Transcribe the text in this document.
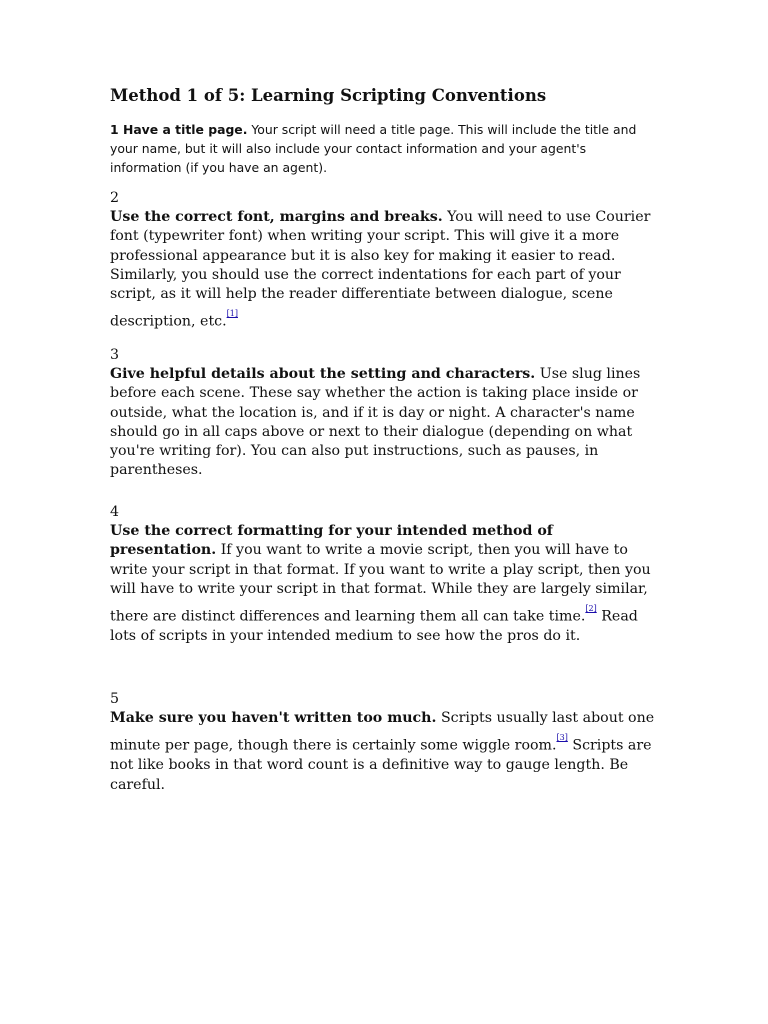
Method 1 of 5: Learning Scripting Conventions

1 Have a title page. Your script will need a title page. This will include the title and your name, but it will also include your contact information and your agent's information (if you have an agent).

2

Use the correct font, margins and breaks. You will need to use Courier font (typewriter font) when writing your script. This will give it a more professional appearance but it is also key for making it easier to read. Similarly, you should use the correct indentations for each part of your script, as it will help the reader differentiate between dialogue, scene description, etc.[1]

3

Give helpful details about the setting and characters. Use slug lines before each scene. These say whether the action is taking place inside or outside, what the location is, and if it is day or night. A character's name should go in all caps above or next to their dialogue (depending on what you're writing for). You can also put instructions, such as pauses, in parentheses.

4

Use the correct formatting for your intended method of presentation. If you want to write a movie script, then you will have to write your script in that format. If you want to write a play script, then you will have to write your script in that format. While they are largely similar, there are distinct differences and learning them all can take time.[2] Read lots of scripts in your intended medium to see how the pros do it.

5

Make sure you haven't written too much. Scripts usually last about one minute per page, though there is certainly some wiggle room.[3] Scripts are not like books in that word count is a definitive way to gauge length. Be careful.
